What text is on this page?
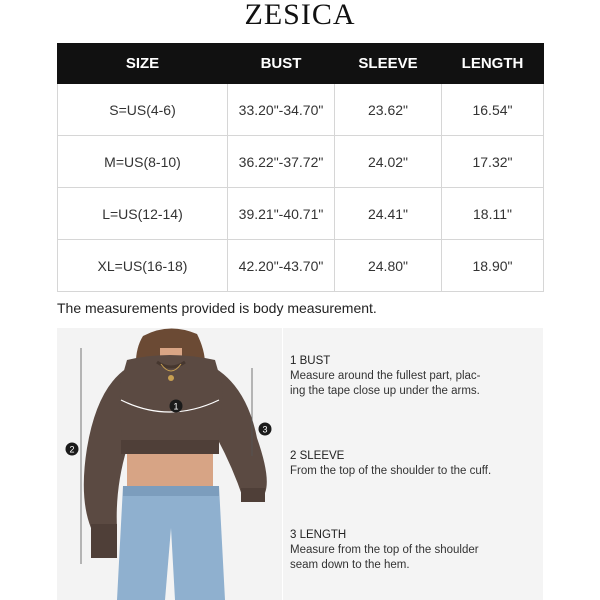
ZESICA
SIZE	BUST	SLEEVE	LENGTH
S=US(4-6)	33.20"-34.70"	23.62"	16.54"
M=US(8-10)	36.22"-37.72"	24.02"	17.32"
L=US(12-14)	39.21"-40.71"	24.41"	18.11"
XL=US(16-18)	42.20"-43.70"	24.80"	18.90"
The measurements provided is body measurement.
1
2
3
1 BUST
Measure around the fullest part, plac-
ing the tape close up under the arms.
2 SLEEVE
From the top of the shoulder to the cuff.
3 LENGTH
Measure from the top of the shoulder
seam down to the hem.
